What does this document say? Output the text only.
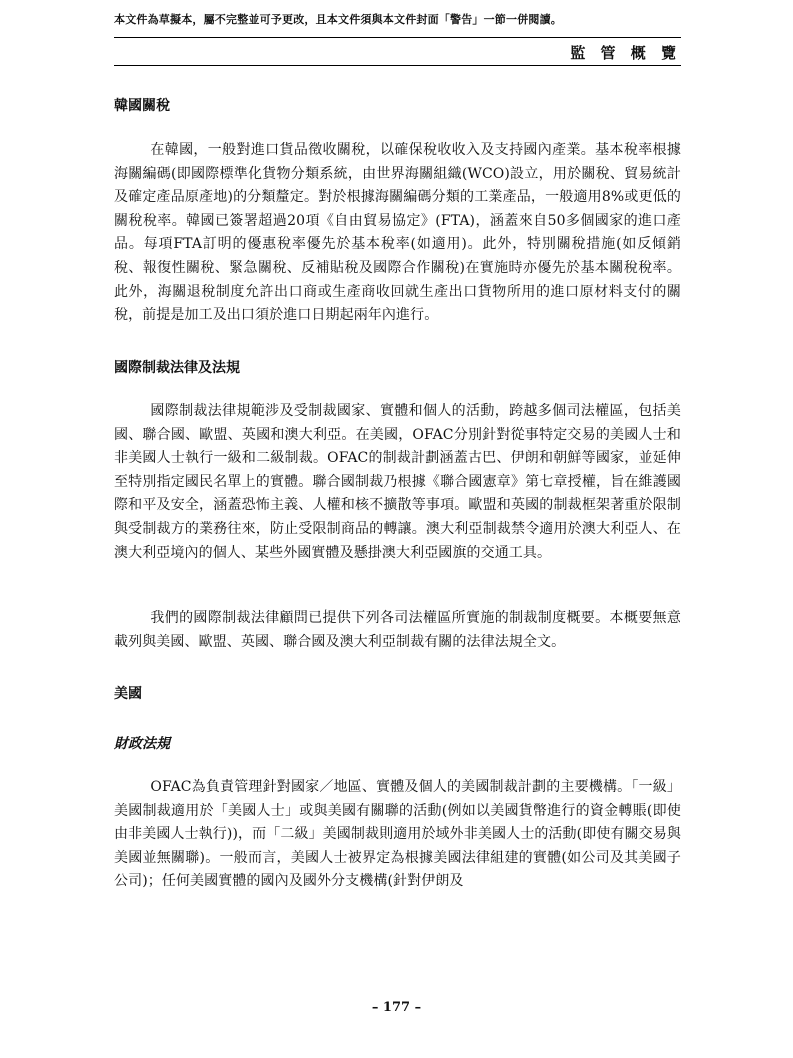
本文件為草擬本，屬不完整並可予更改，且本文件須與本文件封面「警告」一節一併閱讀。
監 管 概 覽
韓國關稅

在韓國，一般對進口貨品徵收關稅，以確保稅收收入及支持國內產業。基本稅率根據海關編碼(即國際標準化貨物分類系統，由世界海關組織(WCO)設立，用於關稅、貿易統計及確定產品原產地)的分類釐定。對於根據海關編碼分類的工業產品，一般適用8%或更低的關稅稅率。韓國已簽署超過20項《自由貿易協定》(FTA)，涵蓋來自50多個國家的進口產品。每項FTA訂明的優惠稅率優先於基本稅率(如適用)。此外，特別關稅措施(如反傾銷稅、報復性關稅、緊急關稅、反補貼稅及國際合作關稅)在實施時亦優先於基本關稅稅率。此外，海關退稅制度允許出口商或生產商收回就生產出口貨物所用的進口原材料支付的關稅，前提是加工及出口須於進口日期起兩年內進行。

國際制裁法律及法規

國際制裁法律規範涉及受制裁國家、實體和個人的活動，跨越多個司法權區，包括美國、聯合國、歐盟、英國和澳大利亞。在美國，OFAC分別針對從事特定交易的美國人士和非美國人士執行一級和二級制裁。OFAC的制裁計劃涵蓋古巴、伊朗和朝鮮等國家，並延伸至特別指定國民名單上的實體。聯合國制裁乃根據《聯合國憲章》第七章授權，旨在維護國際和平及安全，涵蓋恐怖主義、人權和核不擴散等事項。歐盟和英國的制裁框架著重於限制與受制裁方的業務往來，防止受限制商品的轉讓。澳大利亞制裁禁令適用於澳大利亞人、在澳大利亞境內的個人、某些外國實體及懸掛澳大利亞國旗的交通工具。

我們的國際制裁法律顧問已提供下列各司法權區所實施的制裁制度概要。本概要無意載列與美國、歐盟、英國、聯合國及澳大利亞制裁有關的法律法規全文。

美國
財政法規

OFAC為負責管理針對國家／地區、實體及個人的美國制裁計劃的主要機構。「一級」美國制裁適用於「美國人士」或與美國有關聯的活動(例如以美國貨幣進行的資金轉賬(即使由非美國人士執行))，而「二級」美國制裁則適用於域外非美國人士的活動(即使有關交易與美國並無關聯)。一般而言，美國人士被界定為根據美國法律組建的實體(如公司及其美國子公司)；任何美國實體的國內及國外分支機構(針對伊朗及

– 177 –
